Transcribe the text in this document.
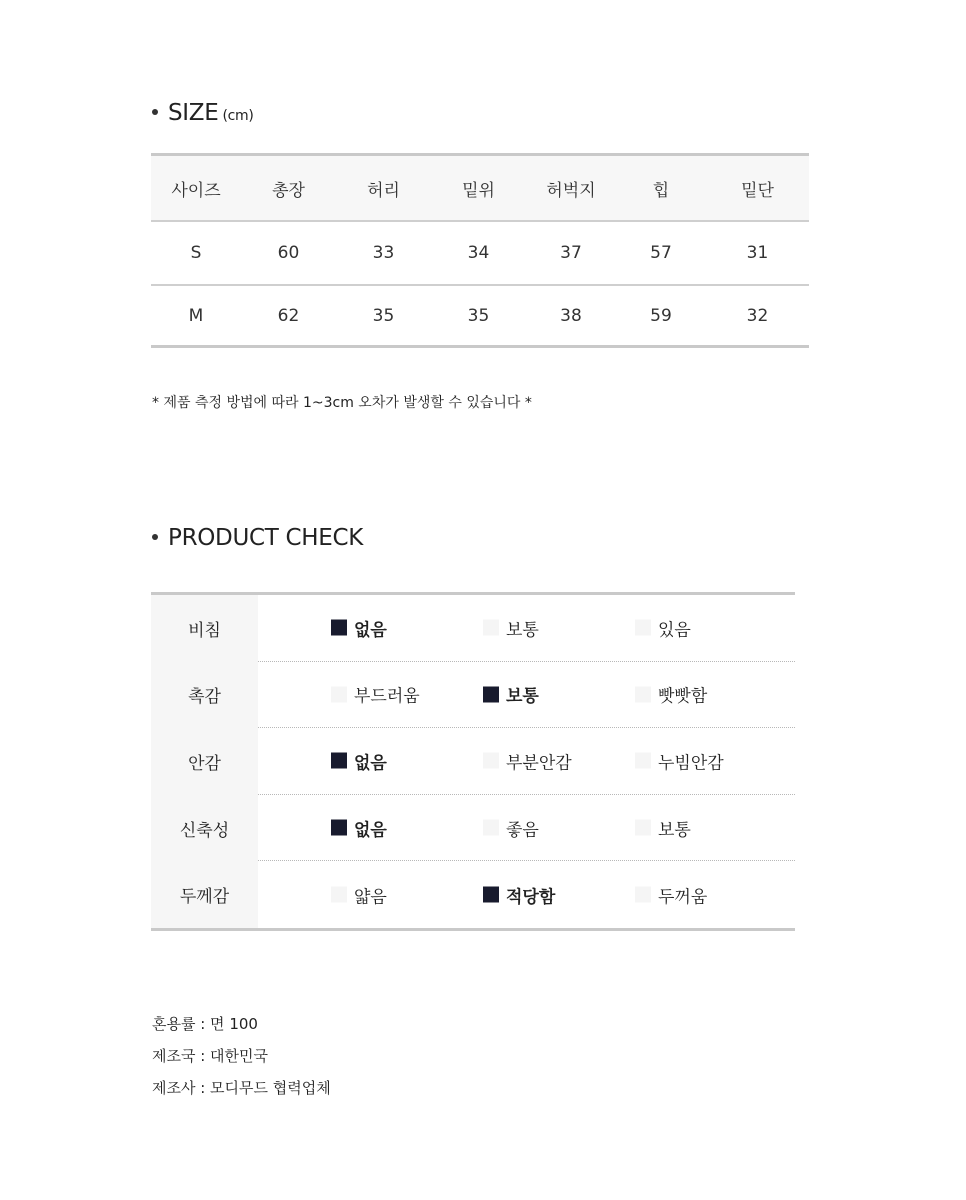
SIZE (cm)
사이즈	총장	허리	밑위	허벅지	힙	밑단
S	60	33	34	37	57	31
M	62	35	35	38	59	32
* 제품 측정 방법에 따라 1~3cm 오차가 발생할 수 있습니다 *
PRODUCT CHECK
비침	없음	보통	있음
촉감	부드러움	보통	빳빳함
안감	없음	부분안감	누빔안감
신축성	없음	좋음	보통
두께감	얇음	적당함	두꺼움
혼용률 : 면 100
제조국 : 대한민국
제조사 : 모디무드 협력업체
